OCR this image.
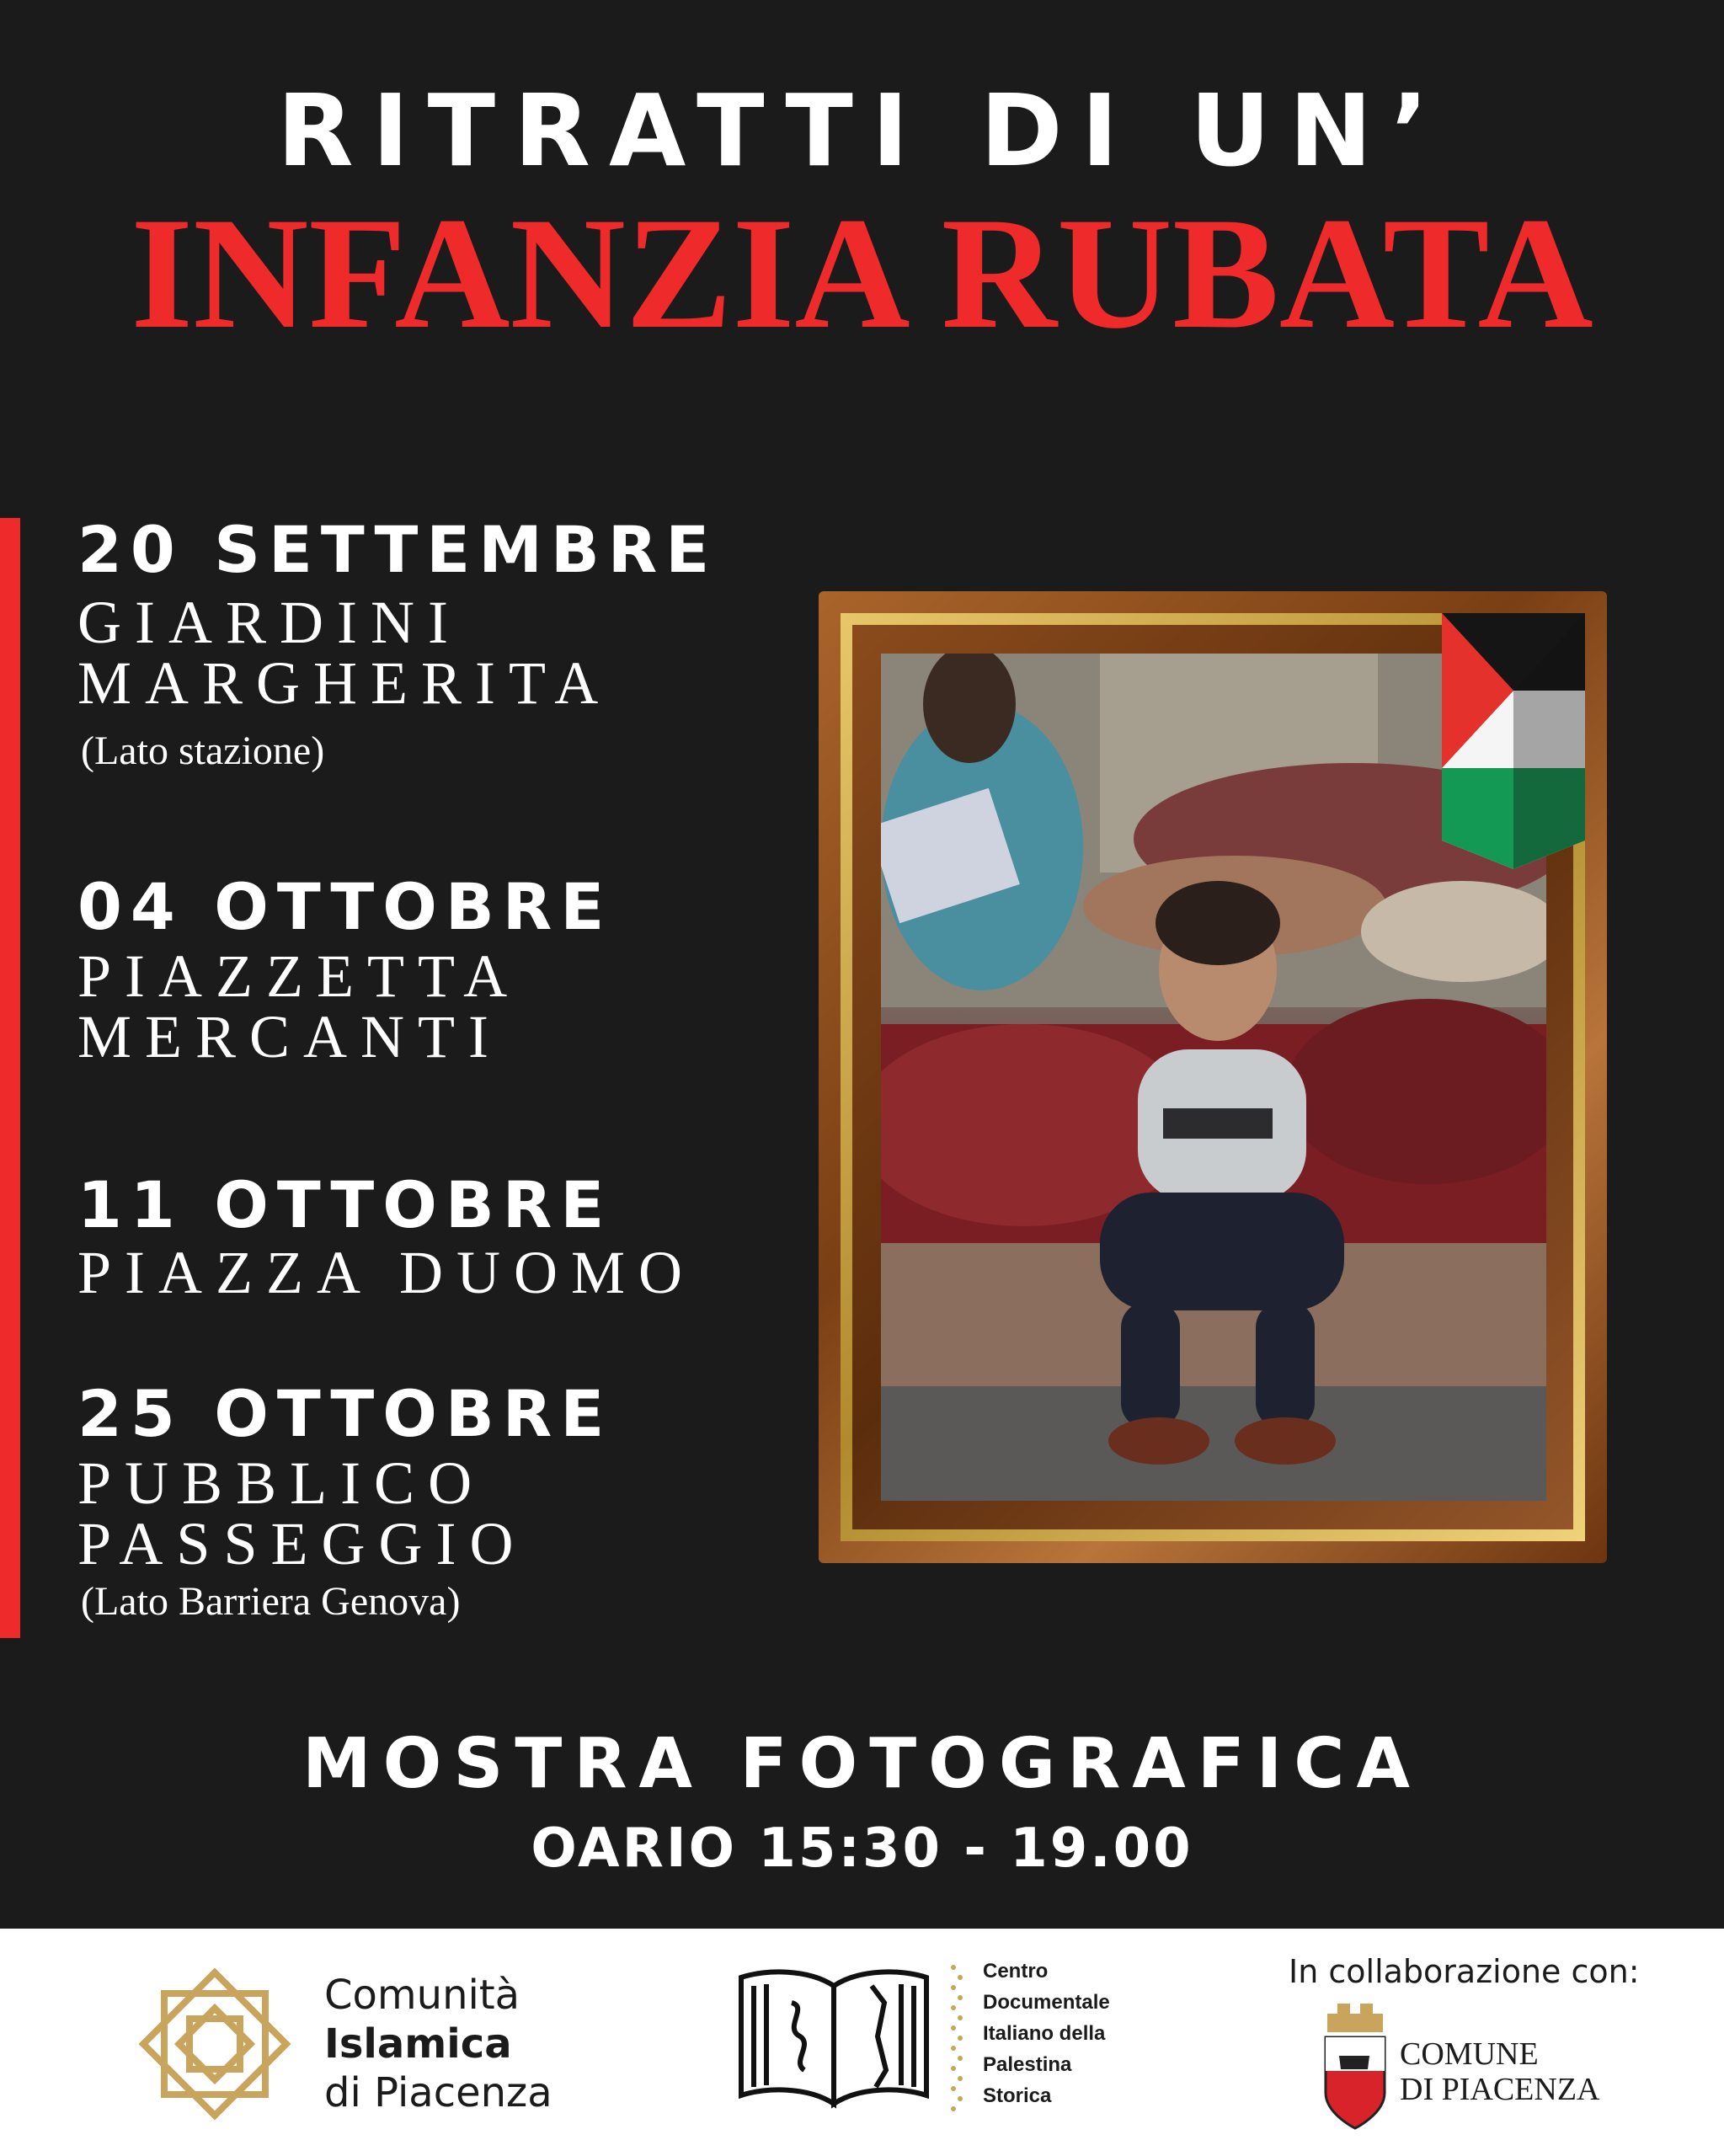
RITRATTI DI UN’
INFANZIA RUBATA
20 SETTEMBRE
GIARDINI
MARGHERITA
(Lato stazione)
04 OTTOBRE
PIAZZETTA
MERCANTI
11 OTTOBRE
PIAZZA DUOMO
25 OTTOBRE
PUBBLICO
PASSEGGIO
(Lato Barriera Genova)
MOSTRA FOTOGRAFICA
OARIO 15:30 - 19.00
Comunità
Islamica
di Piacenza
Centro
Documentale
Italiano della
Palestina
Storica
In collaborazione con:
COMUNE
DI PIACENZA
